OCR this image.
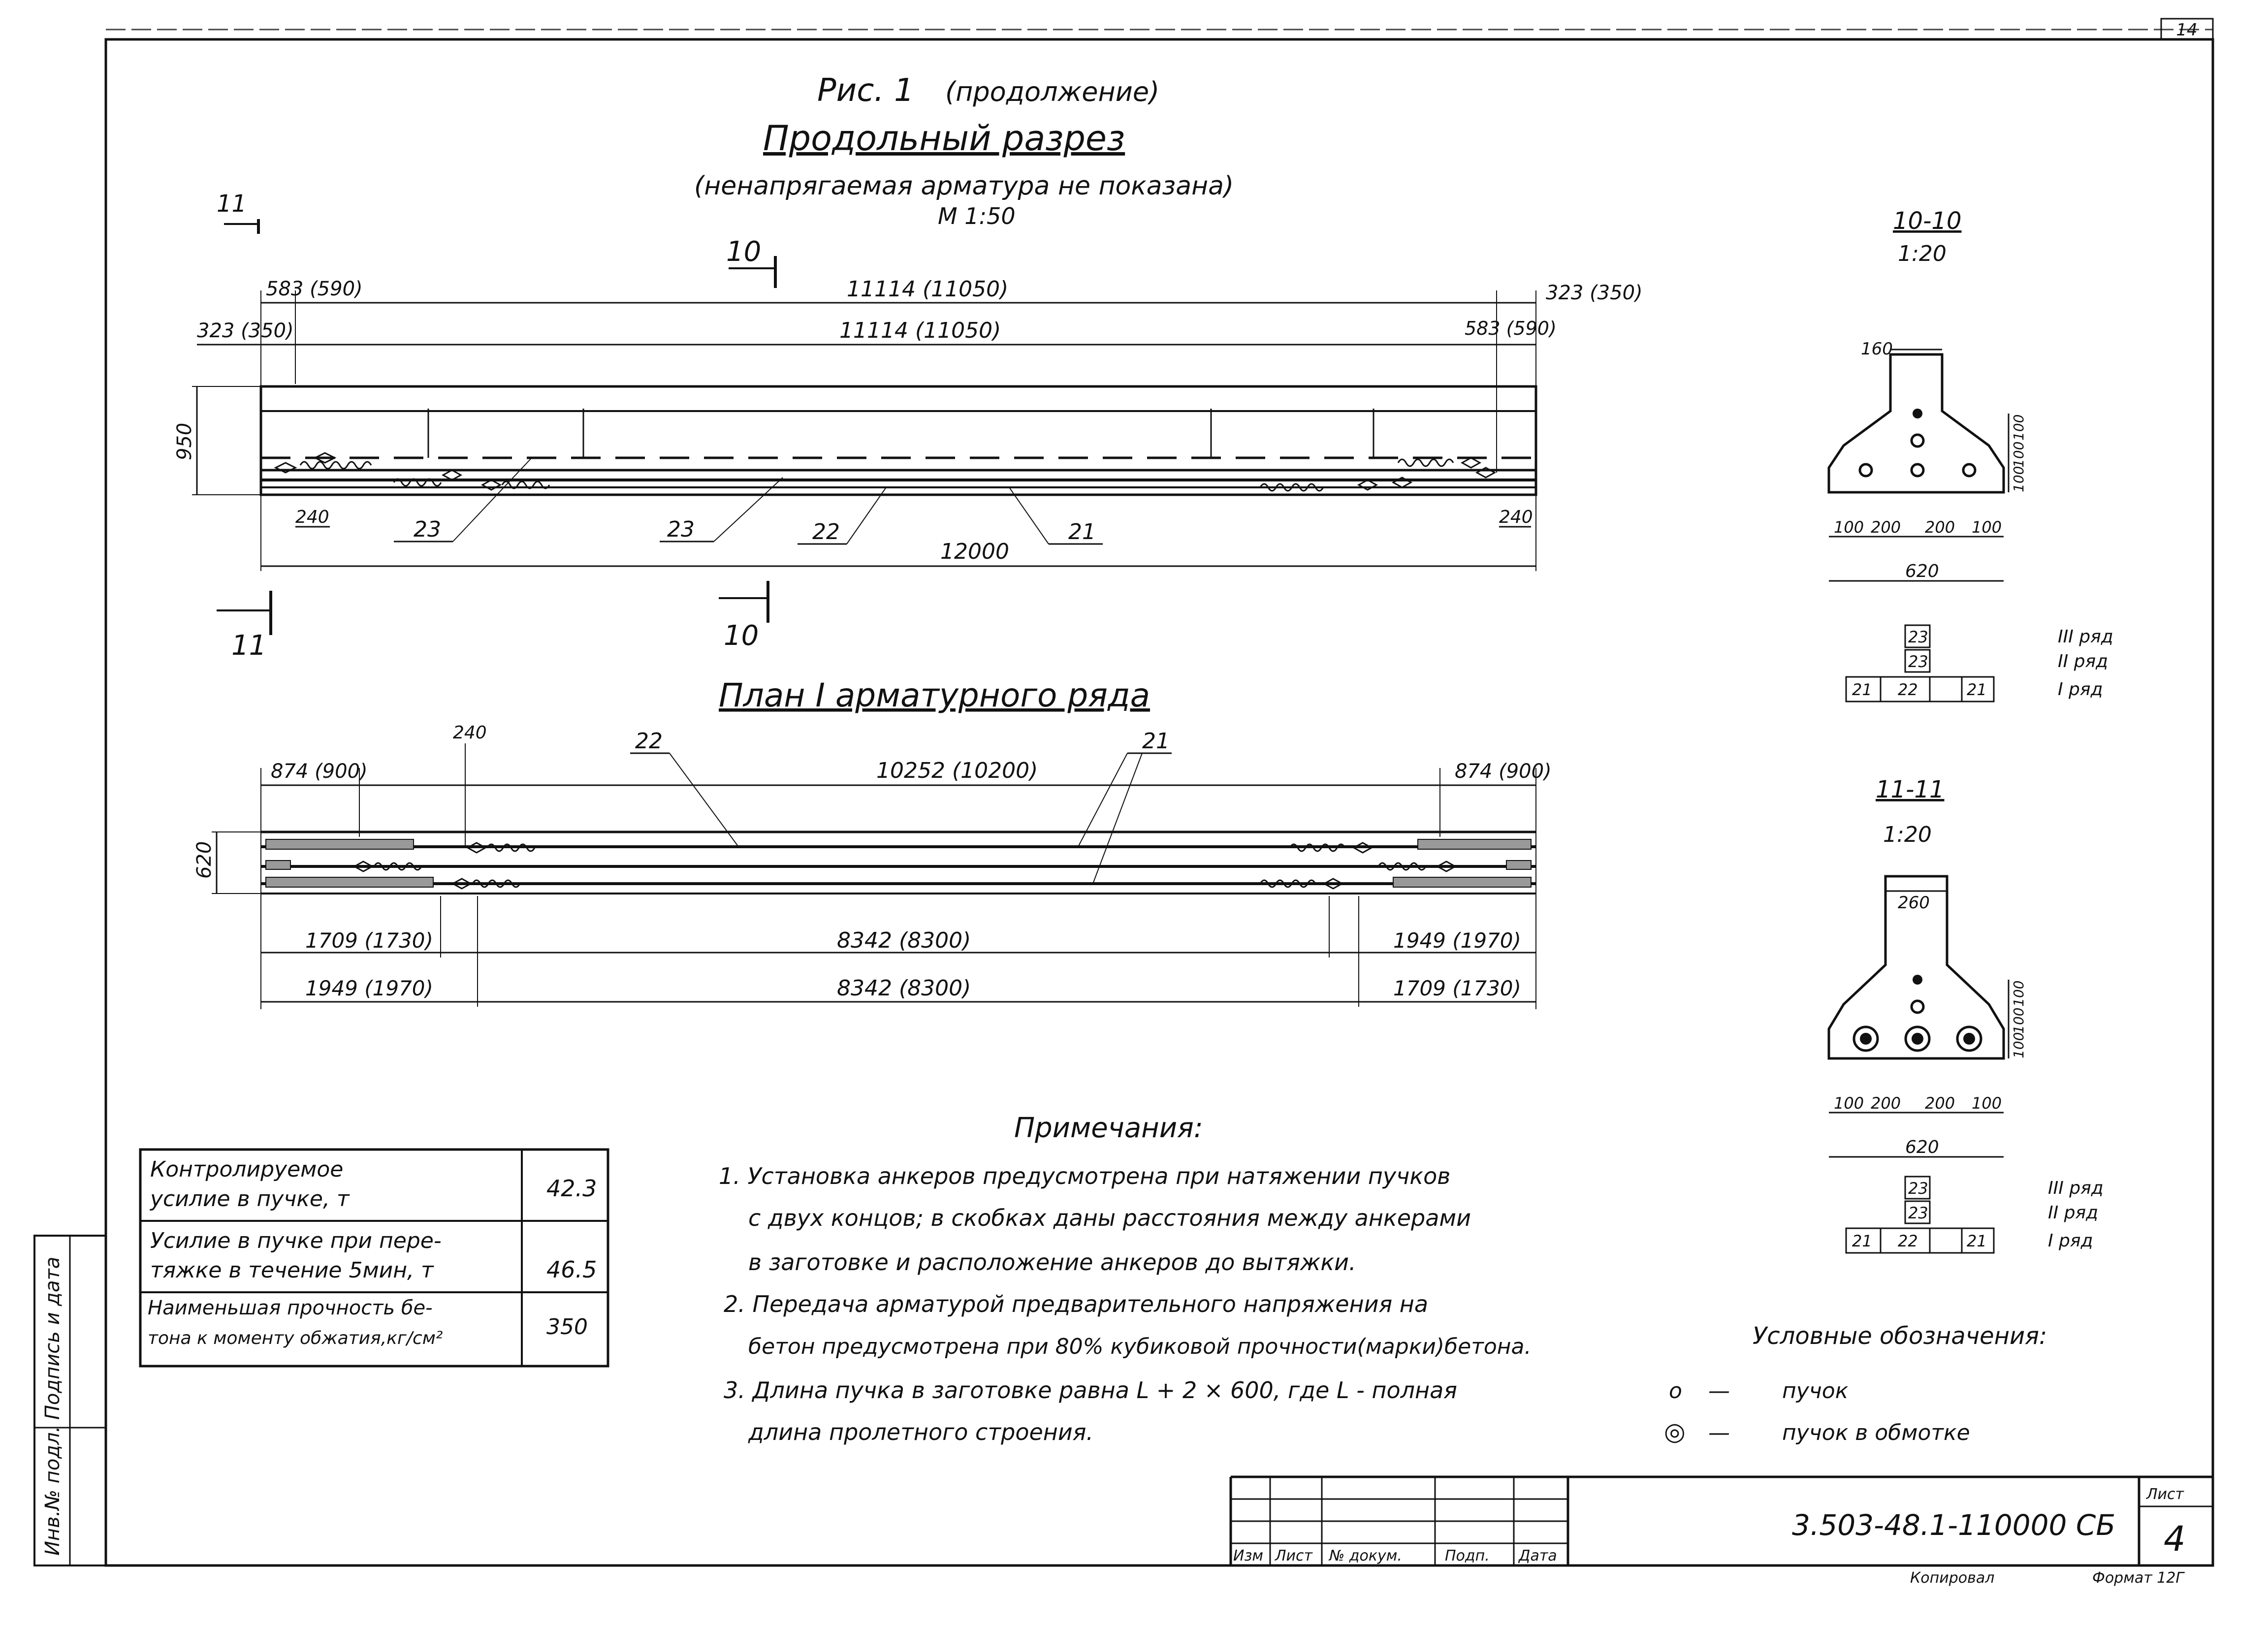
14
Инв.№ подл. Подпись и дата
Рис. 1 (продолжение)
Продольный разрез
(ненапрягаемая арматура не показана)
М 1:50
11
11
10
10
583 (590)
323 (350)
11114 (11050)
11114 (11050)
323 (350)
583 (590)
950
240	240
23	23	22	21
12000
План I арматурного ряда
874 (900)
240
10252 (10200)	874 (900)
22	21
620
1709 (1730)	8342 (8300)	1949 (1970)
1949 (1970)	8342 (8300)	1709 (1730)
10-10
1:20
160
100 200 200 100
620
100
100
100
23
23
21 22	21
III ряд
II ряд
I ряд
11-11
1:20
260
100 200 200 100
620
100
100
100
23
23
21 22	21
III ряд
II ряд
I ряд
Контролируемое
усилие в пучке, т	42.3
Усилие в пучке при пере-
тяжке в течение 5мин, т	46.5
Наименьшая прочность бе-
тона к моменту обжатия,кг/см²	350
Примечания:
1. Установка анкеров предусмотрена при натяжении пучков
с двух концов; в скобках даны расстояния между анкерами
в заготовке и расположение анкеров до вытяжки.
2. Передача арматурой предварительного напряжения на
бетон предусмотрена при 80% кубиковой прочности(марки)бетона.
3. Длина пучка в заготовке равна L + 2 × 600, где L - полная
длина пролетного строения.
Условные обозначения:
o — пучок
◎ — пучок в обмотке
Изм Лист № докум.	Подп. Дата
3.503-48.1-110000 СБ
Лист
4
Копировал	Формат 12Г
